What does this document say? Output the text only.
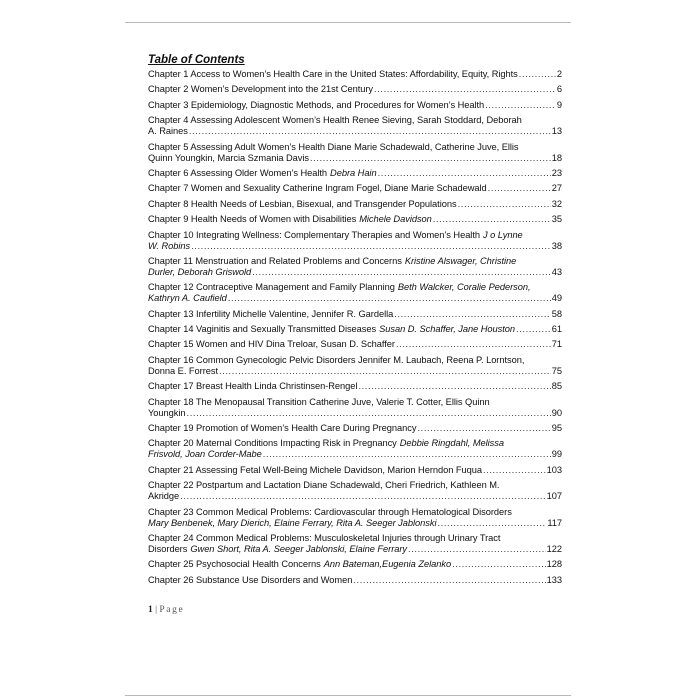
Table of Contents
Chapter 1 Access to Women’s Health Care in the United States: Affordability, Equity, Rights .....	2
Chapter 2 Women’s Development into the 21st Century .....	6
Chapter 3 Epidemiology, Diagnostic Methods, and Procedures for Women’s Health .....	9
Chapter 4 Assessing Adolescent Women’s Health Renee Sieving, Sarah Stoddard, Deborah
A. Raines .....	13
Chapter 5 Assessing Adult Women’s Health Diane Marie Schadewald, Catherine Juve, Ellis
Quinn Youngkin, Marcia Szmania Davis .....	18
Chapter 6 Assessing Older Women’s Health Debra Hain .....	23
Chapter 7 Women and Sexuality Catherine Ingram Fogel, Diane Marie Schadewald .....	27
Chapter 8 Health Needs of Lesbian, Bisexual, and Transgender Populations .....	32
Chapter 9 Health Needs of Women with Disabilities Michele Davidson .....	35
Chapter 10 Integrating Wellness: Complementary Therapies and Women’s Health J o Lynne
W. Robins .....	38
Chapter 11 Menstruation and Related Problems and Concerns Kristine Alswager, Christine
Durler, Deborah Griswold .....	43
Chapter 12 Contraceptive Management and Family Planning Beth Walcker, Coralie Pederson,
Kathryn A. Caufield .....	49
Chapter 13 Infertility Michelle Valentine, Jennifer R. Gardella .....	58
Chapter 14 Vaginitis and Sexually Transmitted Diseases Susan D. Schaffer, Jane Houston .....	61
Chapter 15 Women and HIV Dina Treloar, Susan D. Schaffer .....	71
Chapter 16 Common Gynecologic Pelvic Disorders Jennifer M. Laubach, Reena P. Lorntson,
Donna E. Forrest .....	75
Chapter 17 Breast Health Linda Christinsen-Rengel .....	85
Chapter 18 The Menopausal Transition Catherine Juve, Valerie T. Cotter, Ellis Quinn
Youngkin .....	90
Chapter 19 Promotion of Women’s Health Care During Pregnancy .....	95
Chapter 20 Maternal Conditions Impacting Risk in Pregnancy Debbie Ringdahl, Melissa
Frisvold, Joan Corder-Mabe .....	99
Chapter 21 Assessing Fetal Well-Being Michele Davidson, Marion Herndon Fuqua .....	103
Chapter 22 Postpartum and Lactation Diane Schadewald, Cheri Friedrich, Kathleen M.
Akridge .....	107
Chapter 23 Common Medical Problems: Cardiovascular through Hematological Disorders
Mary Benbenek, Mary Dierich, Elaine Ferrary, Rita A. Seeger Jablonski .....	117
Chapter 24 Common Medical Problems: Musculoskeletal Injuries through Urinary Tract
Disorders Gwen Short, Rita A. Seeger Jablonski, Elaine Ferrary .....	122
Chapter 25 Psychosocial Health Concerns Ann Bateman,Eugenia Zelanko .....	128
Chapter 26 Substance Use Disorders and Women .....	133
1 | Page
